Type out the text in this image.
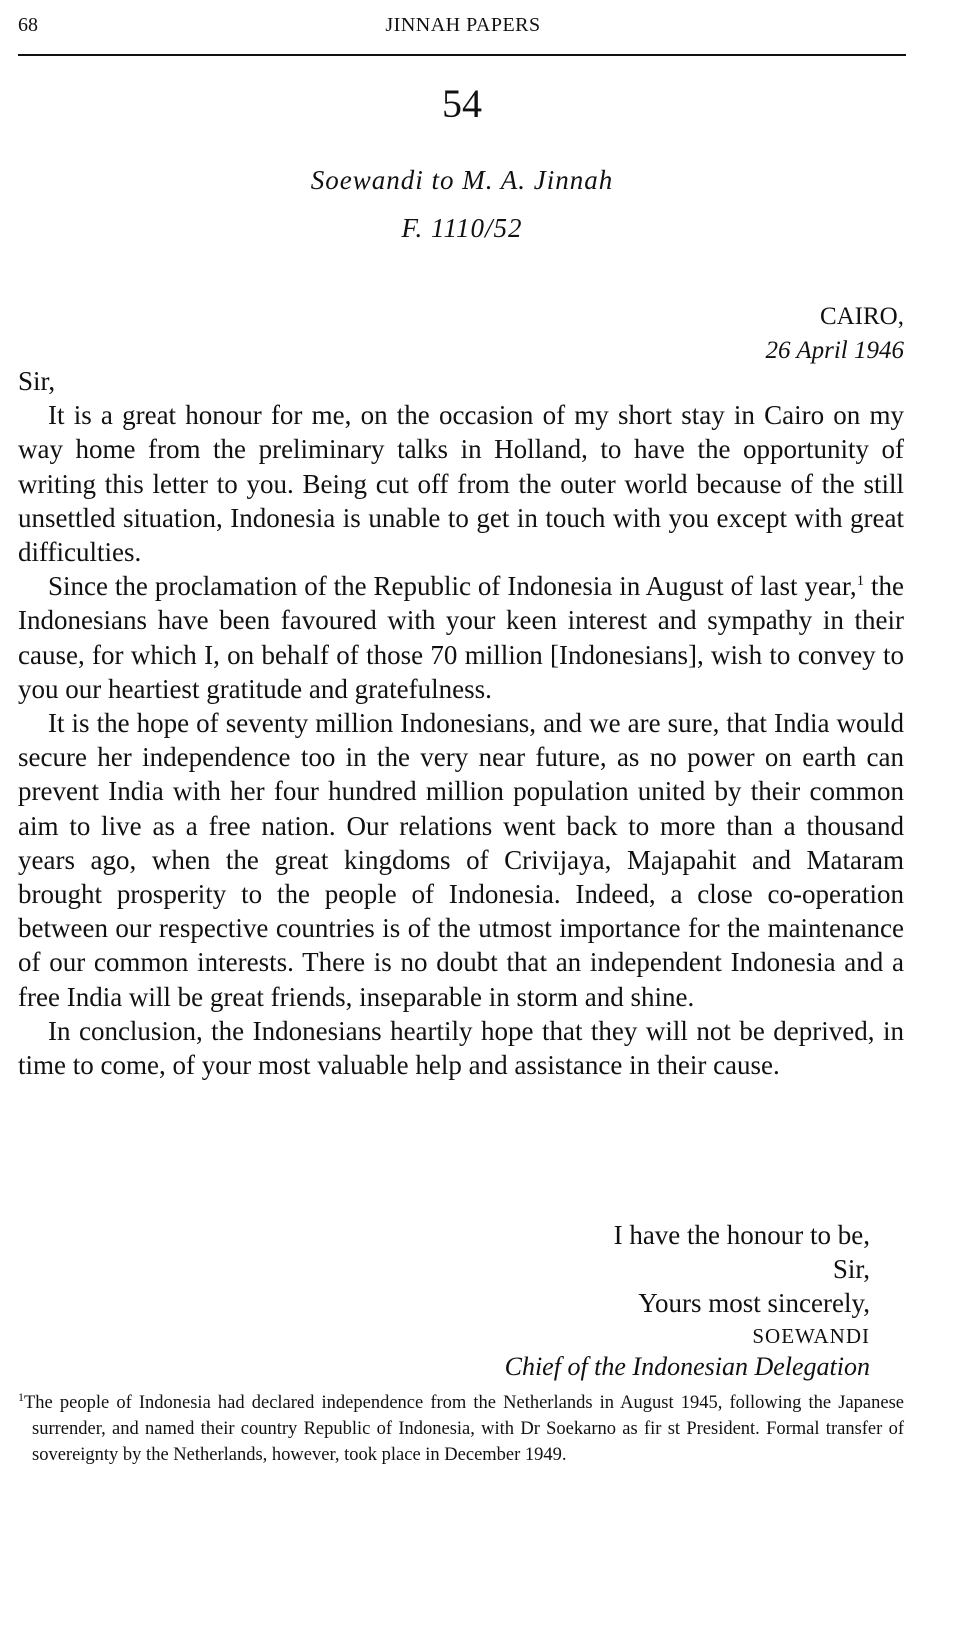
68	JINNAH PAPERS
54
Soewandi to M. A. Jinnah
F. 1110/52
CAIRO,
26 April 1946

Sir,

It is a great honour for me, on the occasion of my short stay in Cairo on my way home from the preliminary talks in Holland, to have the opportunity of writing this letter to you. Being cut off from the outer world because of the still unsettled situation, Indonesia is unable to get in touch with you except with great difficulties.

Since the proclamation of the Republic of Indonesia in August of last year,$^1$ the Indonesians have been favoured with your keen interest and sympathy in their cause, for which I, on behalf of those 70 million [Indonesians], wish to convey to you our heartiest gratitude and gratefulness.

It is the hope of seventy million Indonesians, and we are sure, that India would secure her independence too in the very near future, as no power on earth can prevent India with her four hundred million population united by their common aim to live as a free nation. Our relations went back to more than a thousand years ago, when the great kingdoms of Crivijaya, Majapahit and Mataram brought prosperity to the people of Indonesia. Indeed, a close co-operation between our respective countries is of the utmost importance for the maintenance of our common interests. There is no doubt that an independent Indonesia and a free India will be great friends, inseparable in storm and shine.

In conclusion, the Indonesians heartily hope that they will not be deprived, in time to come, of your most valuable help and assistance in their cause.

I have the honour to be,
Sir,
Yours most sincerely,
SOEWANDI
Chief of the Indonesian Delegation

$^1$The people of Indonesia had declared independence from the Netherlands in August 1945, following the Japanese surrender, and named their country Republic of Indonesia, with Dr Soekarno as fir st President. Formal transfer of sovereignty by the Netherlands, however, took place in December 1949.
